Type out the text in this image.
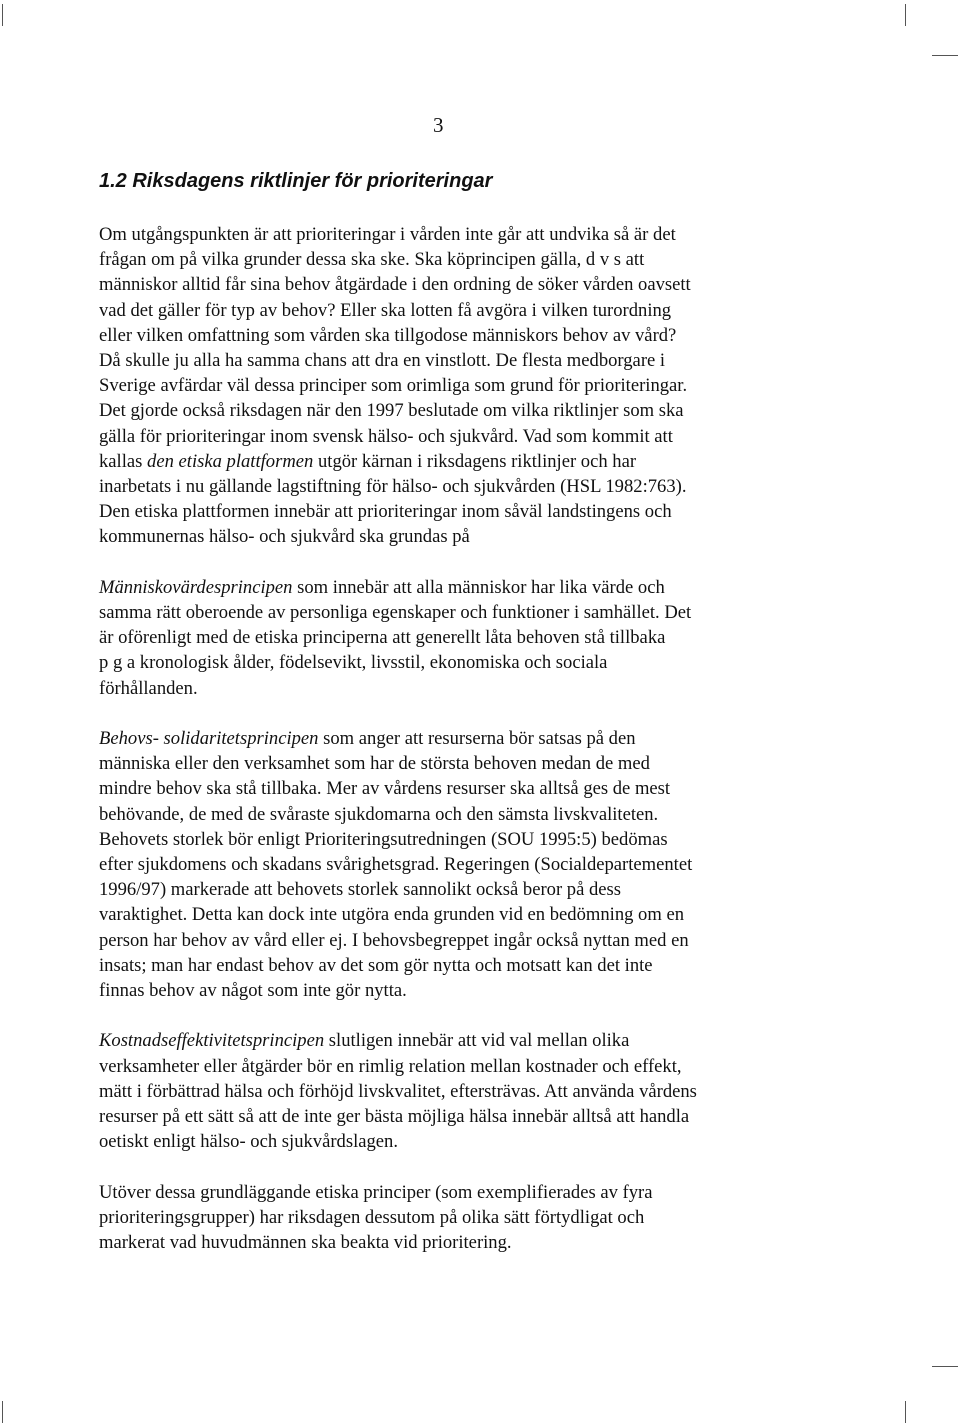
3
1.2 Riksdagens riktlinjer för prioriteringar

Om utgångspunkten är att prioriteringar i vården inte går att undvika så är det
frågan om på vilka grunder dessa ska ske. Ska köprincipen gälla, d v s att
människor alltid får sina behov åtgärdade i den ordning de söker vården oavsett
vad det gäller för typ av behov? Eller ska lotten få avgöra i vilken turordning
eller vilken omfattning som vården ska tillgodose människors behov av vård?
Då skulle ju alla ha samma chans att dra en vinstlott. De flesta medborgare i
Sverige avfärdar väl dessa principer som orimliga som grund för prioriteringar.
Det gjorde också riksdagen när den 1997 beslutade om vilka riktlinjer som ska
gälla för prioriteringar inom svensk hälso- och sjukvård. Vad som kommit att
kallas den etiska plattformen utgör kärnan i riksdagens riktlinjer och har
inarbetats i nu gällande lagstiftning för hälso- och sjukvården (HSL 1982:763).
Den etiska plattformen innebär att prioriteringar inom såväl landstingens och
kommunernas hälso- och sjukvård ska grundas på

Människovärdesprincipen som innebär att alla människor har lika värde och
samma rätt oberoende av personliga egenskaper och funktioner i samhället. Det
är oförenligt med de etiska principerna att generellt låta behoven stå tillbaka
p g a kronologisk ålder, födelsevikt, livsstil, ekonomiska och sociala
förhållanden.

Behovs- solidaritetsprincipen som anger att resurserna bör satsas på den
människa eller den verksamhet som har de största behoven medan de med
mindre behov ska stå tillbaka. Mer av vårdens resurser ska alltså ges de mest
behövande, de med de svåraste sjukdomarna och den sämsta livskvaliteten.
Behovets storlek bör enligt Prioriteringsutredningen (SOU 1995:5) bedömas
efter sjukdomens och skadans svårighetsgrad. Regeringen (Socialdepartementet
1996/97) markerade att behovets storlek sannolikt också beror på dess
varaktighet. Detta kan dock inte utgöra enda grunden vid en bedömning om en
person har behov av vård eller ej. I behovsbegreppet ingår också nyttan med en
insats; man har endast behov av det som gör nytta och motsatt kan det inte
finnas behov av något som inte gör nytta.

Kostnadseffektivitetsprincipen slutligen innebär att vid val mellan olika
verksamheter eller åtgärder bör en rimlig relation mellan kostnader och effekt,
mätt i förbättrad hälsa och förhöjd livskvalitet, eftersträvas. Att använda vårdens
resurser på ett sätt så att de inte ger bästa möjliga hälsa innebär alltså att handla
oetiskt enligt hälso- och sjukvårdslagen.

Utöver dessa grundläggande etiska principer (som exemplifierades av fyra
prioriteringsgrupper) har riksdagen dessutom på olika sätt förtydligat och
markerat vad huvudmännen ska beakta vid prioritering.
